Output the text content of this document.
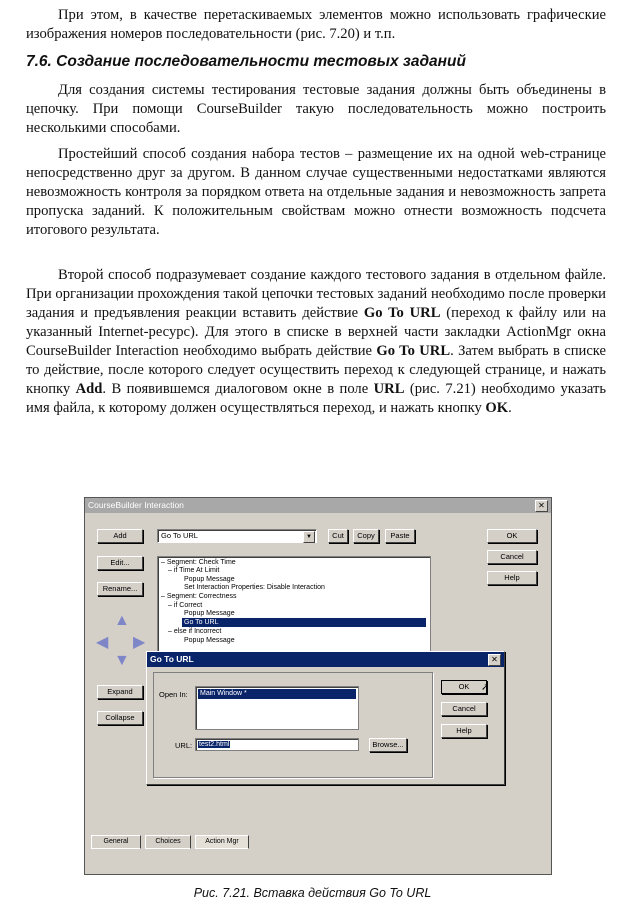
При этом, в качестве перетаскиваемых элементов можно использовать графические изображения номеров последовательности (рис. 7.20) и т.п.

7.6. Создание последовательности тестовых заданий

Для создания системы тестирования тестовые задания должны быть объединены в цепочку. При помощи CourseBuilder такую последовательность можно построить несколькими способами.

Простейший способ создания набора тестов – размещение их на одной web-странице непосредственно друг за другом. В данном случае существенными недостатками являются невозможность контроля за порядком ответа на отдельные задания и невозможность запрета пропуска заданий. К положительным свойствам можно отнести возможность подсчета итогового результата.

Второй способ подразумевает создание каждого тестового задания в отдельном файле. При организации прохождения такой цепочки тестовых заданий необходимо после проверки задания и предъявления реакции вставить действие Go To URL (переход к файлу или на указанный Internet-ресурс). Для этого в списке в верхней части закладки ActionMgr окна CourseBuilder Interaction необходимо выбрать действие Go To URL. Затем выбрать в списке то действие, после которого следует осуществить переход к следующей странице, и нажать кнопку Add. В появившемся диалоговом окне в поле URL (рис. 7.21) необходимо указать имя файла, к которому должен осуществляться переход, и нажать кнопку OK.

CourseBuilder Interaction	✕
Add
Edit...
Rename...
Go To URL	▼	Cut	Copy	Paste	OK
Cancel
Help
– Segment: Check Time
– if Time At Limit
Popup Message
Set Interaction Properties: Disable Interaction
– Segment: Correctness
– if Correct
Popup Message
Go To URL
– else if Incorrect
Popup Message
▲
◀ ▶
▼
Expand
Collapse
General	Choices	Action Mgr
Go To URL	✕
Open In: Main Window *
URL: test2.html	Browse...
OK
Cancel
Help
➚
Рис. 7.21. Вставка действия Go To URL
